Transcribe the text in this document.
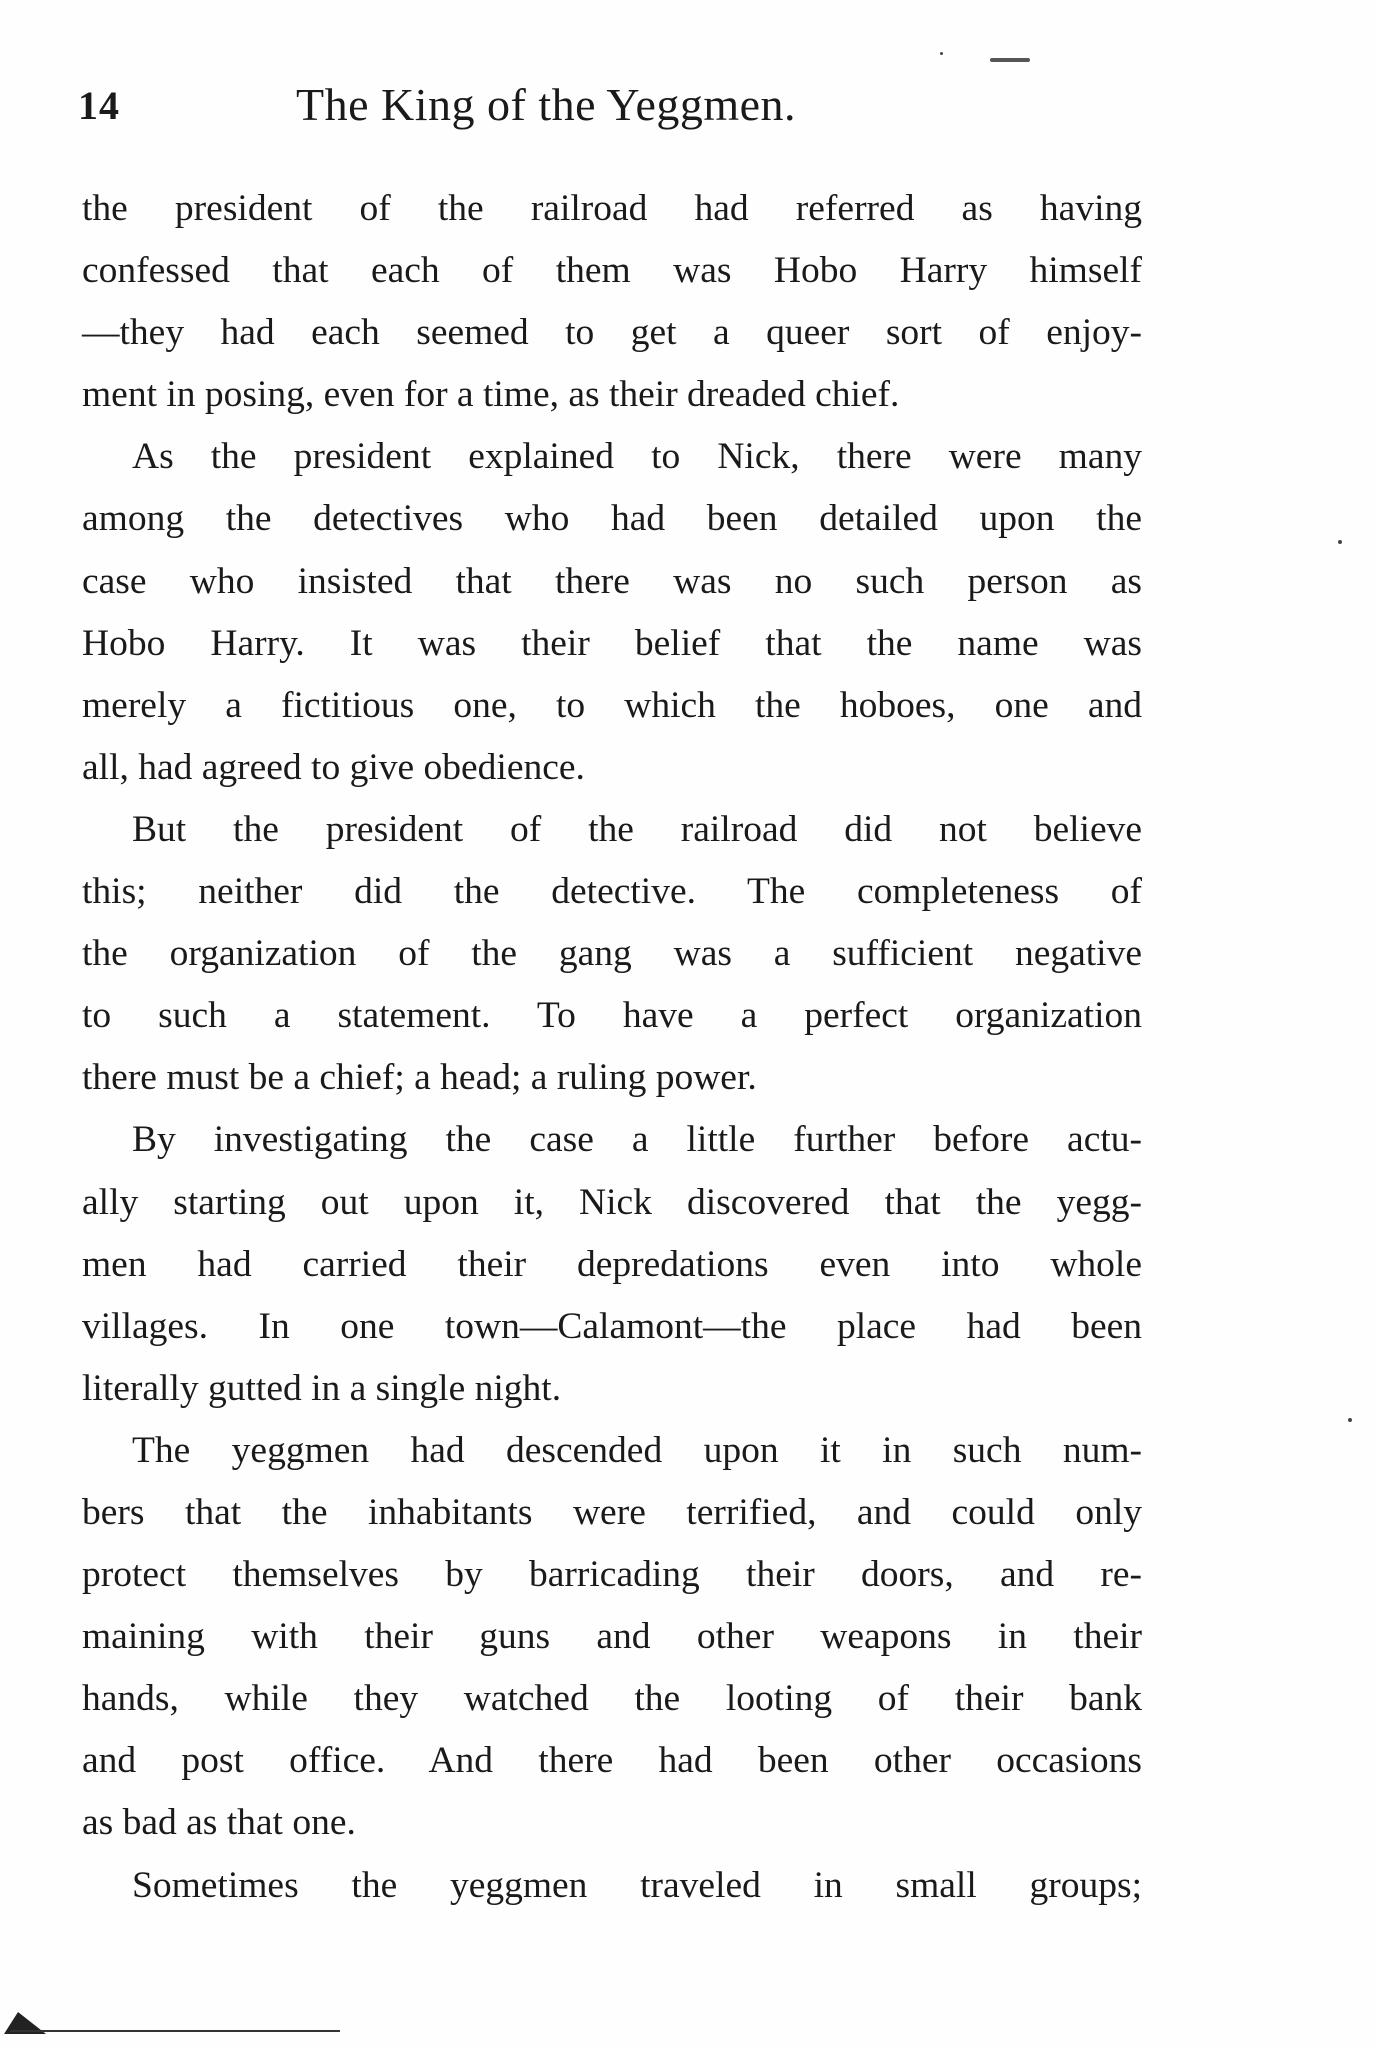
14	The King of the Yeggmen.
the president of the railroad had referred as having
confessed that each of them was Hobo Harry himself
—they had each seemed to get a queer sort of enjoy-
ment in posing, even for a time, as their dreaded chief.
As the president explained to Nick, there were many
among the detectives who had been detailed upon the
case who insisted that there was no such person as
Hobo Harry. It was their belief that the name was
merely a fictitious one, to which the hoboes, one and
all, had agreed to give obedience.
But the president of the railroad did not believe
this; neither did the detective. The completeness of
the organization of the gang was a sufficient negative
to such a statement. To have a perfect organization
there must be a chief; a head; a ruling power.
By investigating the case a little further before actu-
ally starting out upon it, Nick discovered that the yegg-
men had carried their depredations even into whole
villages. In one town—Calamont—the place had been
literally gutted in a single night.
The yeggmen had descended upon it in such num-
bers that the inhabitants were terrified, and could only
protect themselves by barricading their doors, and re-
maining with their guns and other weapons in their
hands, while they watched the looting of their bank
and post office. And there had been other occasions
as bad as that one.
Sometimes the yeggmen traveled in small groups;
